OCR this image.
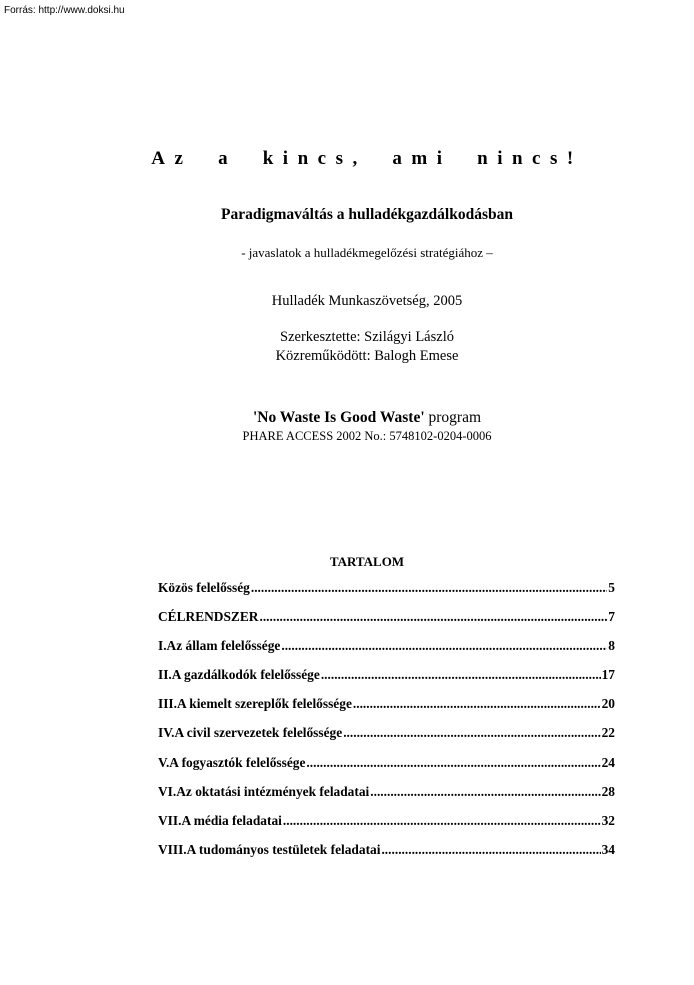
Forrás: http://www.doksi.hu
Az a kincs, ami nincs!
Paradigmaváltás a hulladékgazdálkodásban
- javaslatok a hulladékmegelőzési stratégiához –
Hulladék Munkaszövetség, 2005
Szerkesztette: Szilágyi László
Közreműködött: Balogh Emese
'No Waste Is Good Waste' program
PHARE ACCESS 2002 No.: 5748102-0204-0006
TARTALOM
Közös felelősség .....	5
CÉLRENDSZER .....	7
I.Az állam felelőssége .....	8
II.A gazdálkodók felelőssége .....	17
III.A kiemelt szereplők felelőssége .....	20
IV.A civil szervezetek felelőssége .....	22
V.A fogyasztók felelőssége .....	24
VI.Az oktatási intézmények feladatai .....	28
VII.A média feladatai .....	32
VIII.A tudományos testületek feladatai .....	34
